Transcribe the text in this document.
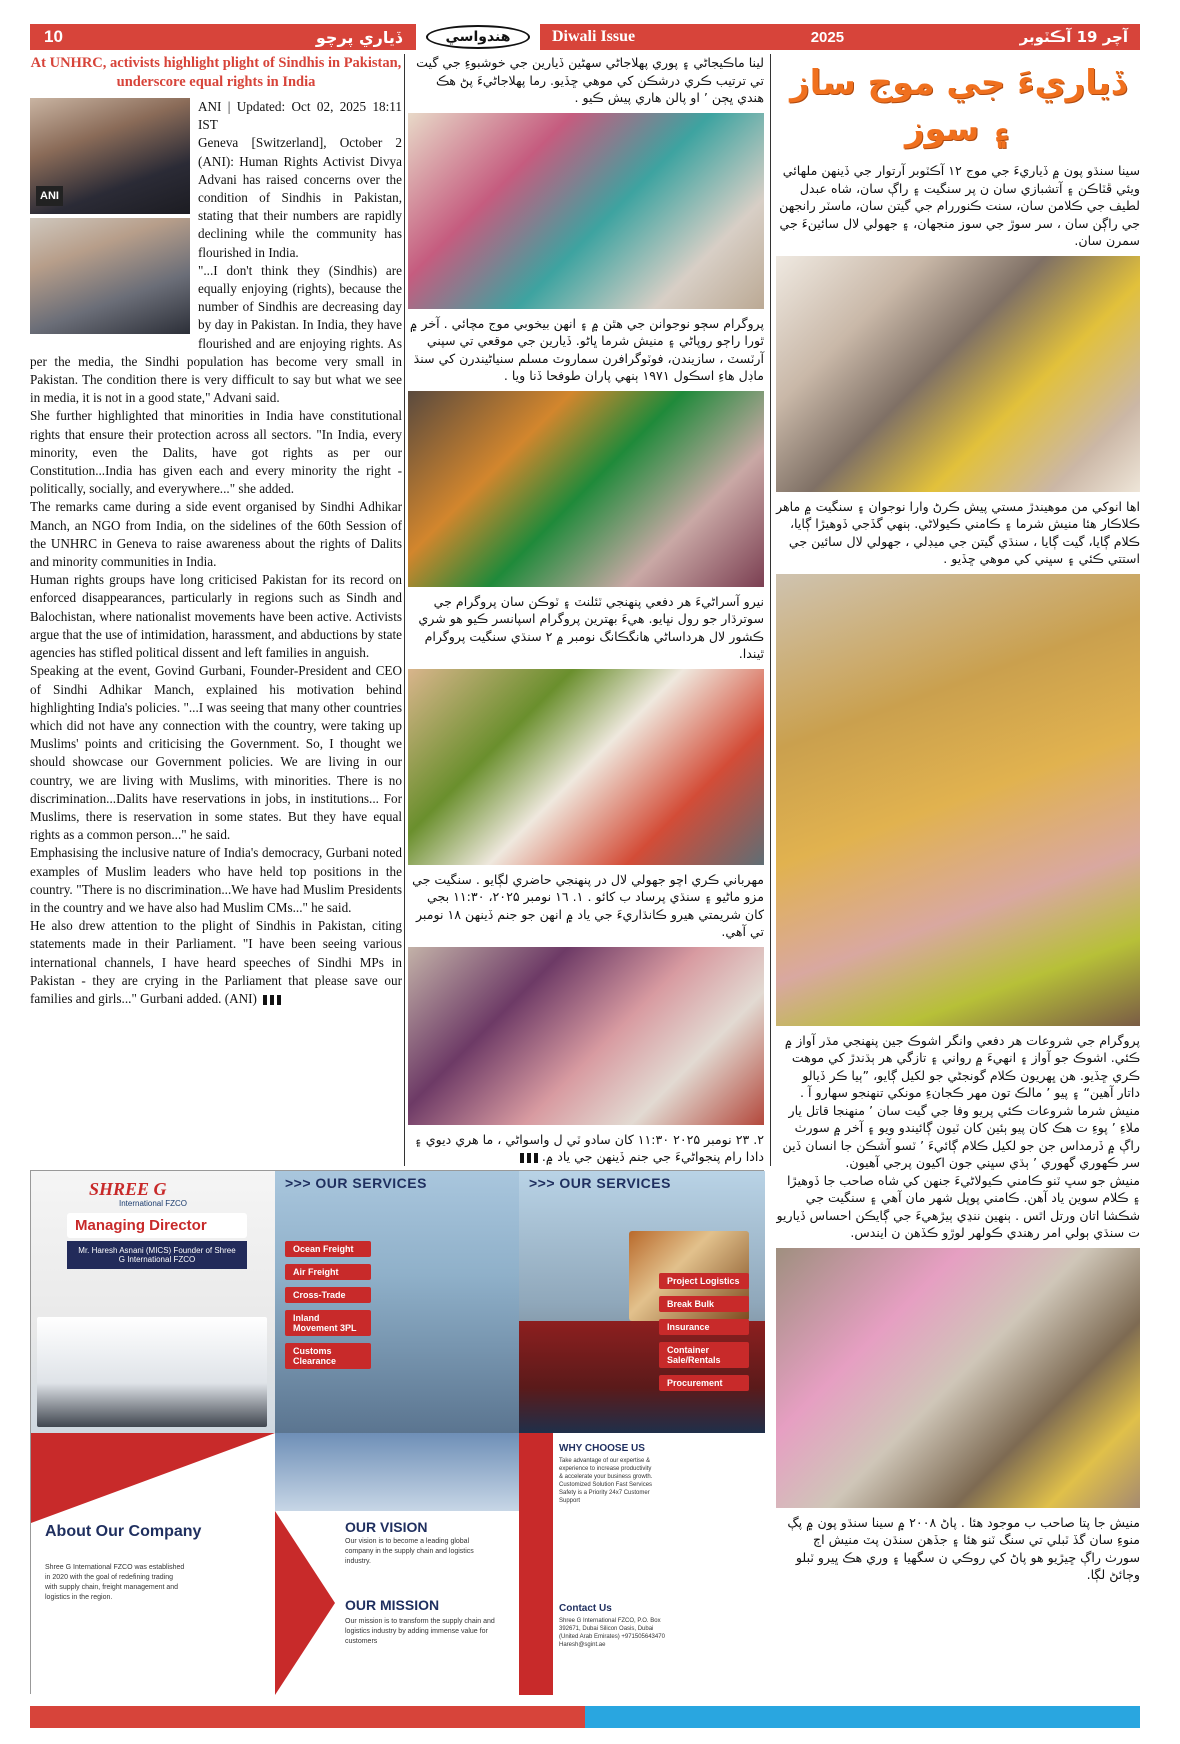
10	ڏياري پرچو	هندواسي	Diwali Issue	2025	آچر 19 آڪٽوبر
At UNHRC, activists highlight plight of Sindhis in Pakistan, underscore equal rights in India
ANI

ANI | Updated: Oct 02, 2025 18:11 IST

Geneva [Switzerland], October 2 (ANI): Human Rights Activist Divya Advani has raised concerns over the condition of Sindhis in Pakistan, stating that their numbers are rapidly declining while the community has flourished in India.

"...I don't think they (Sindhis) are equally enjoying (rights), because the number of Sindhis are decreasing day by day in Pakistan. In India, they have flourished and are enjoying rights. As per the media, the Sindhi population has become very small in Pakistan. The condition there is very difficult to say but what we see in media, it is not in a good state," Advani said.

She further highlighted that minorities in India have constitutional rights that ensure their protection across all sectors. "In India, every minority, even the Dalits, have got rights as per our Constitution...India has given each and every minority the right - politically, socially, and everywhere..." she added.

The remarks came during a side event organised by Sindhi Adhikar Manch, an NGO from India, on the sidelines of the 60th Session of the UNHRC in Geneva to raise awareness about the rights of Dalits and minority communities in India.

Human rights groups have long criticised Pakistan for its record on enforced disappearances, particularly in regions such as Sindh and Balochistan, where nationalist movements have been active. Activists argue that the use of intimidation, harassment, and abductions by state agencies has stifled political dissent and left families in anguish.

Speaking at the event, Govind Gurbani, Founder-President and CEO of Sindhi Adhikar Manch, explained his motivation behind highlighting India's policies. "...I was seeing that many other countries which did not have any connection with the country, were taking up Muslims' points and criticising the Government. So, I thought we should showcase our Government policies. We are living in our country, we are living with Muslims, with minorities. There is no discrimination...Dalits have reservations in jobs, in institutions... For Muslims, there is reservation in some states. But they have equal rights as a common person..." he said.

Emphasising the inclusive nature of India's democracy, Gurbani noted examples of Muslim leaders who have held top positions in the country. "There is no discrimination...We have had Muslim Presidents in the country and we have also had Muslim CMs..." he said.

He also drew attention to the plight of Sindhis in Pakistan, citing statements made in their Parliament. "I have been seeing various international channels, I have heard speeches of Sindhi MPs in Pakistan - they are crying in the Parliament that please save our families and girls..." Gurbani added. (ANI)

لينا ماڪيجاڻي ۽ پوري پهلاجاڻي سهڻين ڏيارين جي خوشبوءِ جي گيت تي ترتيب ڪري درشڪن کي موهي ڇڏيو. رما پهلاجاڻيءَ پڻ هڪ هندي ڀڄن ’ او پالن هاري پيش ڪيو .
پروگرام سڄو نوجوانن جي هٿن ۾ ۽ انهن بيخوبي موج مچائي . آخر ۾ ٿورا راڄو روپاڻي ۽ منيش شرما ڀاڻو. ڏيارين جي موقعي تي سپني آرٽسٽ ، سازيندن، فوٽوگرافرن سماروٽ مسلم سنياڻيندرن کي سنڌ ماڊل هاءِ اسڪول ۱۹۷۱ ٻنهي پاران طوفحا ڏنا ويا .
نيرو آسراڻيءَ هر دفعي پنهنجي ٽئلنٽ ۽ ٽوڪن سان پروگرام جي سوترڌار جو رول نڀايو. هيءَ بهترين پروگرام اسپانسر ڪيو هو شري ڪشور لال هرداساڻي هانگڪانگ نومبر ۾ ۲ سنڌي سنگيت پروگرام ٿيندا.
مهرباني ڪري اچو جهولي لال در پنهنجي حاضري لڳايو . سنگيت جي مزو ماڻيو ۽ سنڌي پرساد ب کائو . ۱. ۱٦ نومبر ۲۰۲۵، ۱۱:۳۰ بجي کان شريمتي هيرو ڪانڌاريءَ جي ياد ۾ انهن جو جنم ڏينهن ۱۸ نومبر تي آهي.
۲. ۲۳ نومبر ۲۰۲۵ ۱۱:۳۰ کان سادو ٽي ل واسواڻي ، ما هري ديوي ۽ دادا رام پنجواڻيءَ جي جنم ڏينهن جي ياد ۾.
ڏياريءَ جي موج ساز ۽ سوز
سينا سنڌو پون ۾ ڏياريءَ جي موج ۱۲ آڪٽوبر آرتوار جي ڏينهن ملهائي ويئي ڦٽاڪن ۽ آتشبازي سان ن پر سنگيت ۽ راڳ سان، شاه عبدل لطيف جي ڪلامن سان، سنت ڪنوررام جي گيتن سان، ماسٽر رانجهن جي راڳن سان ، سر سوڙ جي سوز منجهان، ۽ جهولي لال سائينءَ جي سمرن سان.
اها انوکي من موهيندڙ مستي پيش ڪرڻ وارا نوجوان ۽ سنگيت ۾ ماهر ڪلاڪار هئا منيش شرما ۽ ڪامني ڪيولاڻي. ٻنهي گڏجي ڏوهيڙا ڳايا، ڪلام ڳايا، گيت ڳايا ، سنڌي گيتن جي ميڊلي ، جهولي لال سائين جي استتي ڪئي ۽ سڀني کي موهي ڇڏيو .
پروگرام جي شروعات هر دفعي وانگر اشوڪ جين پنهنجي مڌر آواز ۾ ڪئي. اشوڪ جو آواز ۽ انهيءَ ۾ رواني ۽ تازگي هر ٻڌندڙ کي موهت ڪري ڇڏيو. هن ڀهريون ڪلام گونجڻي جو لکيل ڳايو، ”ٻيا ڪر ڏيالو داتار آهين“ ۽ پيو ’ مالڪ تون مهر ڪجانءِ مونکي تنهنجو سهارو آ .
منيش شرما شروعات ڪئي پريو وفا جي گيت سان ’ منهنجا قاتل يار ملاءِ ’ پوءِ ت هڪ کان پيو ٻئين کان ٽيون ڳائيندو ويو ۽ آخر ۾ سورٺ راڳ ۾ ڏرمداس جن جو لکيل ڪلام ڳائيءَ ’ ٽسو آشڪن جا انسان ڏين سر ڪهوري گهوري ’ ٻڌي سڀني جون اکيون پرجي آهيون.
منيش جو سڀ ٽنو ڪامني ڪيولاڻيءَ جنهن کي شاه صاحب جا ڏوهيڙا ۽ ڪلام سوين ياد آهن. ڪامني پوپل شهر مان آهي ۽ سنگيت جي شڪشا اتان ورتل اٿس . ٻنهين ننڍي ٻيڙهيءَ جي ڳايڪن احساس ڏياريو ت سنڌي ٻولي امر رهندي ڪولهر لوڙو ڪڏهن ن ايندس.
منيش جا پتا صاحب ب موجود هئا . پاڻ ۲۰۰۸ ۾ سينا سنڌو پون ۾ پڳ منوءِ سان گڏ ٽبلي تي سنگ ٽنو هئا ۽ جڏهن سنڌن پٽ منيش اڄ سورٺ راڳ ڇيڙيو هو پاڻ کي روڪي ن سگهيا ۽ وري هڪ ڀيرو ٽبلو وڄائڻ لڳا.
SHREE G
International FZCO
Managing Director
Mr. Haresh Asnani (MICS) Founder of Shree G International FZCO
>>> OUR SERVICES
Ocean Freight
Air Freight
Cross-Trade
Inland Movement 3PL
Customs Clearance
>>> OUR SERVICES
Project Logistics
Break Bulk
Insurance
Container Sale/Rentals
Procurement
About Our Company
Shree G International FZCO was established in 2020 with the goal of redefining trading with supply chain, freight management and logistics in the region.
OUR VISION
Our vision is to become a leading global company in the supply chain and logistics industry.
OUR MISSION
Our mission is to transform the supply chain and logistics industry by adding immense value for customers
WHY CHOOSE US
Take advantage of our expertise & experience to increase productivity & accelerate your business growth. Customized Solution Fast Services Safety is a Priority 24x7 Customer Support
Contact Us
Shree G International FZCO, P.O. Box 392671, Dubai Silicon Oasis, Dubai (United Arab Emirates) +971505643470 Haresh@sgint.ae
